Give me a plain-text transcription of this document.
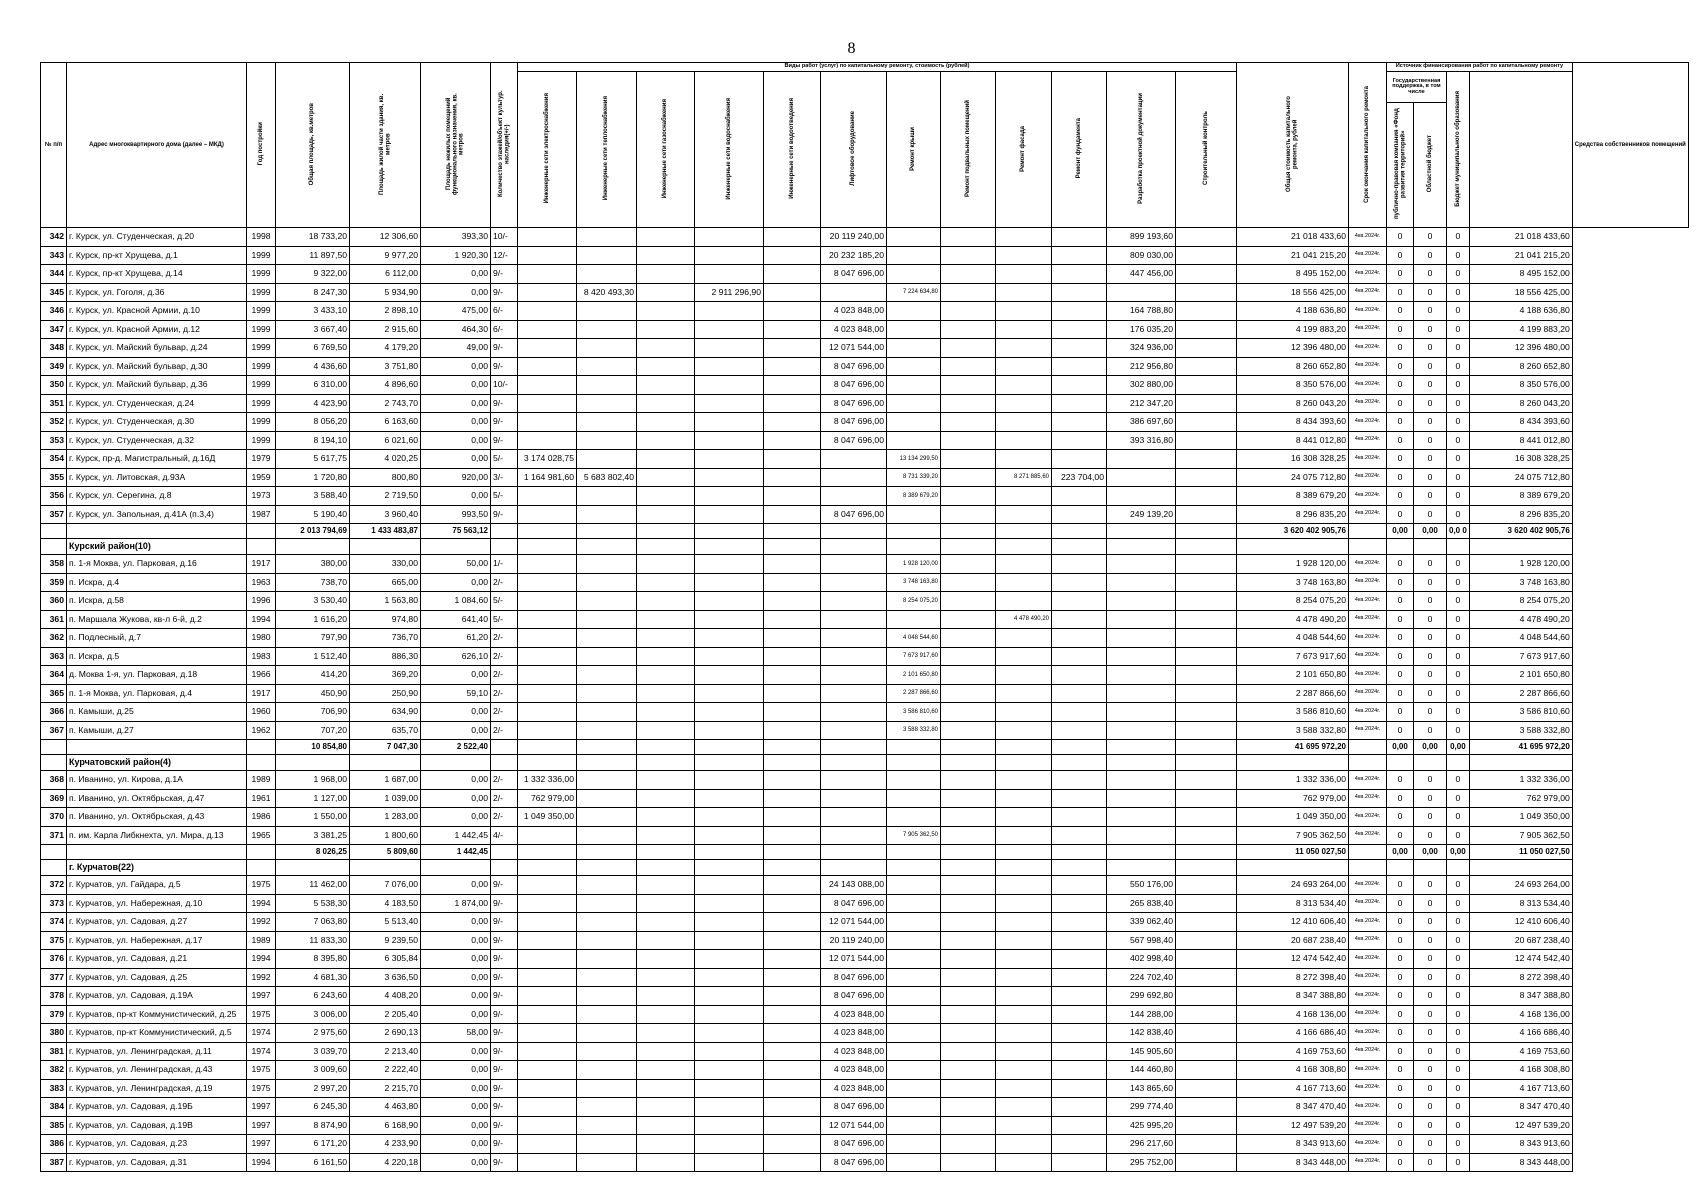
8
№ п/п	Адрес многоквартирного дома (далее – МКД)	Год постройки	Общая площадь, кв.метров	Площадь жилой части здания, кв. метров	Площадь нежилых помещений функционального назначения, кв. метров	Количество этажей/объект культур. наследия(+/-)	Виды работ (услуг) по капитальному ремонту, стоимость (рублей)												Общая стоимость капитального ремонта, рублей	Срок окончания капитального ремонта	Источник финансирования работ по капитальному ремонту				Средства собственников помещений
							Инженерные сети электроснабжения	Инженерные сети теплоснабжения	Инженерные сети газоснабжения	Инженерные сети водоснабжения	Инженерные сети водоотведения	Лифтовое оборудование	Ремонт крыши	Ремонт подвальных помещений	Ремонт фасада	Ремонт фундамента	Разработка проектной документации	Строительный контроль			Государственная поддержка, в том числе		Бюджет муниципального образования		
																					публично-правовая компания «Фонд развития территорий»	Областной бюджет			
342	г. Курск, ул. Студенческая, д.20	1998	18 733,20	12 306,60	393,30	10/-						20 119 240,00					899 193,60		21 018 433,60	4кв.2024г.	0	0	0	21 018 433,60	
343	г. Курск, пр-кт Хрущева, д.1	1999	11 897,50	9 977,20	1 920,30	12/-						20 232 185,20					809 030,00		21 041 215,20	4кв.2024г.	0	0	0	21 041 215,20	
344	г. Курск, пр-кт Хрущева, д.14	1999	9 322,00	6 112,00	0,00	9/-						8 047 696,00					447 456,00		8 495 152,00	4кв.2024г.	0	0	0	8 495 152,00	
345	г. Курск, ул. Гоголя, д.36	1999	8 247,30	5 934,90	0,00	9/-		8 420 493,30		2 911 296,90			7 224 634,80						18 556 425,00	4кв.2024г.	0	0	0	18 556 425,00	
346	г. Курск, ул. Красной Армии, д.10	1999	3 433,10	2 898,10	475,00	6/-						4 023 848,00					164 788,80		4 188 636,80	4кв.2024г.	0	0	0	4 188 636,80	
347	г. Курск, ул. Красной Армии, д.12	1999	3 667,40	2 915,60	464,30	6/-						4 023 848,00					176 035,20		4 199 883,20	4кв.2024г.	0	0	0	4 199 883,20	
348	г. Курск, ул. Майский бульвар, д.24	1999	6 769,50	4 179,20	49,00	9/-						12 071 544,00					324 936,00		12 396 480,00	4кв.2024г.	0	0	0	12 396 480,00	
349	г. Курск, ул. Майский бульвар, д.30	1999	4 436,60	3 751,80	0,00	9/-						8 047 696,00					212 956,80		8 260 652,80	4кв.2024г.	0	0	0	8 260 652,80	
350	г. Курск, ул. Майский бульвар, д.36	1999	6 310,00	4 896,60	0,00	10/-						8 047 696,00					302 880,00		8 350 576,00	4кв.2024г.	0	0	0	8 350 576,00	
351	г. Курск, ул. Студенческая, д.24	1999	4 423,90	2 743,70	0,00	9/-						8 047 696,00					212 347,20		8 260 043,20	4кв.2024г.	0	0	0	8 260 043,20	
352	г. Курск, ул. Студенческая, д.30	1999	8 056,20	6 163,60	0,00	9/-						8 047 696,00					386 697,60		8 434 393,60	4кв.2024г.	0	0	0	8 434 393,60	
353	г. Курск, ул. Студенческая, д.32	1999	8 194,10	6 021,60	0,00	9/-						8 047 696,00					393 316,80		8 441 012,80	4кв.2024г.	0	0	0	8 441 012,80	
354	г. Курск, пр-д. Магистральный, д.16Д	1979	5 617,75	4 020,25	0,00	5/-	3 174 028,75						13 134 299,50						16 308 328,25	4кв.2024г.	0	0	0	16 308 328,25	
355	г. Курск, ул. Литовская, д.93А	1959	1 720,80	800,80	920,00	3/-	1 164 981,60	5 683 802,40					8 731 339,20		8 271 885,60	223 704,00			24 075 712,80	4кв.2024г.	0	0	0	24 075 712,80	
356	г. Курск, ул. Серегина, д.8	1973	3 588,40	2 719,50	0,00	5/-							8 389 679,20						8 389 679,20	4кв.2024г.	0	0	0	8 389 679,20	
357	г. Курск, ул. Запольная, д.41А (п.3,4)	1987	5 190,40	3 960,40	993,50	9/-						8 047 696,00					249 139,20		8 296 835,20	4кв.2024г.	0	0	0	8 296 835,20	
			2 013 794,69	1 433 483,87	75 563,12														3 620 402 905,76		0,00	0,00	0,0 0	3 620 402 905,76	
	Курский район(10)																								
358	п. 1-я Моква, ул. Парковая, д.16	1917	380,00	330,00	50,00	1/-							1 928 120,00						1 928 120,00	4кв.2024г.	0	0	0	1 928 120,00	
359	п. Искра, д.4	1963	738,70	665,00	0,00	2/-							3 748 163,80						3 748 163,80	4кв.2024г.	0	0	0	3 748 163,80	
360	п. Искра, д.58	1996	3 530,40	1 563,80	1 084,60	5/-							8 254 075,20						8 254 075,20	4кв.2024г.	0	0	0	8 254 075,20	
361	п. Маршала Жукова, кв-л 6-й, д.2	1994	1 616,20	974,80	641,40	5/-									4 478 490,20				4 478 490,20	4кв.2024г.	0	0	0	4 478 490,20	
362	п. Подлесный, д.7	1980	797,90	736,70	61,20	2/-							4 048 544,60						4 048 544,60	4кв.2024г.	0	0	0	4 048 544,60	
363	п. Искра, д.5	1983	1 512,40	886,30	626,10	2/-							7 673 917,60						7 673 917,60	4кв.2024г.	0	0	0	7 673 917,60	
364	д. Моква 1-я, ул. Парковая, д.18	1966	414,20	369,20	0,00	2/-							2 101 650,80						2 101 650,80	4кв.2024г.	0	0	0	2 101 650,80	
365	п. 1-я Моква, ул. Парковая, д.4	1917	450,90	250,90	59,10	2/-							2 287 866,60						2 287 866,60	4кв.2024г.	0	0	0	2 287 866,60	
366	п. Камыши, д.25	1960	706,90	634,90	0,00	2/-							3 586 810,60						3 586 810,60	4кв.2024г.	0	0	0	3 586 810,60	
367	п. Камыши, д.27	1962	707,20	635,70	0,00	2/-							3 588 332,80						3 588 332,80	4кв.2024г.	0	0	0	3 588 332,80	
			10 854,80	7 047,30	2 522,40														41 695 972,20		0,00	0,00	0,00	41 695 972,20	
	Курчатовский район(4)																								
368	п. Иванино, ул. Кирова, д.1А	1989	1 968,00	1 687,00	0,00	2/-	1 332 336,00												1 332 336,00	4кв.2024г.	0	0	0	1 332 336,00	
369	п. Иванино, ул. Октябрьская, д.47	1961	1 127,00	1 039,00	0,00	2/-	762 979,00												762 979,00	4кв.2024г.	0	0	0	762 979,00	
370	п. Иванино, ул. Октябрьская, д.43	1986	1 550,00	1 283,00	0,00	2/-	1 049 350,00												1 049 350,00	4кв.2024г.	0	0	0	1 049 350,00	
371	п. им. Карла Либкнехта, ул. Мира, д.13	1965	3 381,25	1 800,60	1 442,45	4/-							7 905 362,50						7 905 362,50	4кв.2024г.	0	0	0	7 905 362,50	
			8 026,25	5 809,60	1 442,45														11 050 027,50		0,00	0,00	0,00	11 050 027,50	
	г. Курчатов(22)																								
372	г. Курчатов, ул. Гайдара, д.5	1975	11 462,00	7 076,00	0,00	9/-						24 143 088,00					550 176,00		24 693 264,00	4кв.2024г.	0	0	0	24 693 264,00	
373	г. Курчатов, ул. Набережная, д.10	1994	5 538,30	4 183,50	1 874,00	9/-						8 047 696,00					265 838,40		8 313 534,40	4кв.2024г.	0	0	0	8 313 534,40	
374	г. Курчатов, ул. Садовая, д.27	1992	7 063,80	5 513,40	0,00	9/-						12 071 544,00					339 062,40		12 410 606,40	4кв.2024г.	0	0	0	12 410 606,40	
375	г. Курчатов, ул. Набережная, д.17	1989	11 833,30	9 239,50	0,00	9/-						20 119 240,00					567 998,40		20 687 238,40	4кв.2024г.	0	0	0	20 687 238,40	
376	г. Курчатов, ул. Садовая, д.21	1994	8 395,80	6 305,84	0,00	9/-						12 071 544,00					402 998,40		12 474 542,40	4кв.2024г.	0	0	0	12 474 542,40	
377	г. Курчатов, ул. Садовая, д.25	1992	4 681,30	3 636,50	0,00	9/-						8 047 696,00					224 702,40		8 272 398,40	4кв.2024г.	0	0	0	8 272 398,40	
378	г. Курчатов, ул. Садовая, д.19А	1997	6 243,60	4 408,20	0,00	9/-						8 047 696,00					299 692,80		8 347 388,80	4кв.2024г.	0	0	0	8 347 388,80	
379	г. Курчатов, пр-кт Коммунистический, д.25	1975	3 006,00	2 205,40	0,00	9/-						4 023 848,00					144 288,00		4 168 136,00	4кв.2024г.	0	0	0	4 168 136,00	
380	г. Курчатов, пр-кт Коммунистический, д.5	1974	2 975,60	2 690,13	58,00	9/-						4 023 848,00					142 838,40		4 166 686,40	4кв.2024г.	0	0	0	4 166 686,40	
381	г. Курчатов, ул. Ленинградская, д.11	1974	3 039,70	2 213,40	0,00	9/-						4 023 848,00					145 905,60		4 169 753,60	4кв.2024г.	0	0	0	4 169 753,60	
382	г. Курчатов, ул. Ленинградская, д.43	1975	3 009,60	2 222,40	0,00	9/-						4 023 848,00					144 460,80		4 168 308,80	4кв.2024г.	0	0	0	4 168 308,80	
383	г. Курчатов, ул. Ленинградская, д.19	1975	2 997,20	2 215,70	0,00	9/-						4 023 848,00					143 865,60		4 167 713,60	4кв.2024г.	0	0	0	4 167 713,60	
384	г. Курчатов, ул. Садовая, д.19Б	1997	6 245,30	4 463,80	0,00	9/-						8 047 696,00					299 774,40		8 347 470,40	4кв.2024г.	0	0	0	8 347 470,40	
385	г. Курчатов, ул. Садовая, д.19В	1997	8 874,90	6 168,90	0,00	9/-						12 071 544,00					425 995,20		12 497 539,20	4кв.2024г.	0	0	0	12 497 539,20	
386	г. Курчатов, ул. Садовая, д.23	1997	6 171,20	4 233,90	0,00	9/-						8 047 696,00					296 217,60		8 343 913,60	4кв.2024г.	0	0	0	8 343 913,60	
387	г. Курчатов, ул. Садовая, д.31	1994	6 161,50	4 220,18	0,00	9/-						8 047 696,00					295 752,00		8 343 448,00	4кв.2024г.	0	0	0	8 343 448,00	
